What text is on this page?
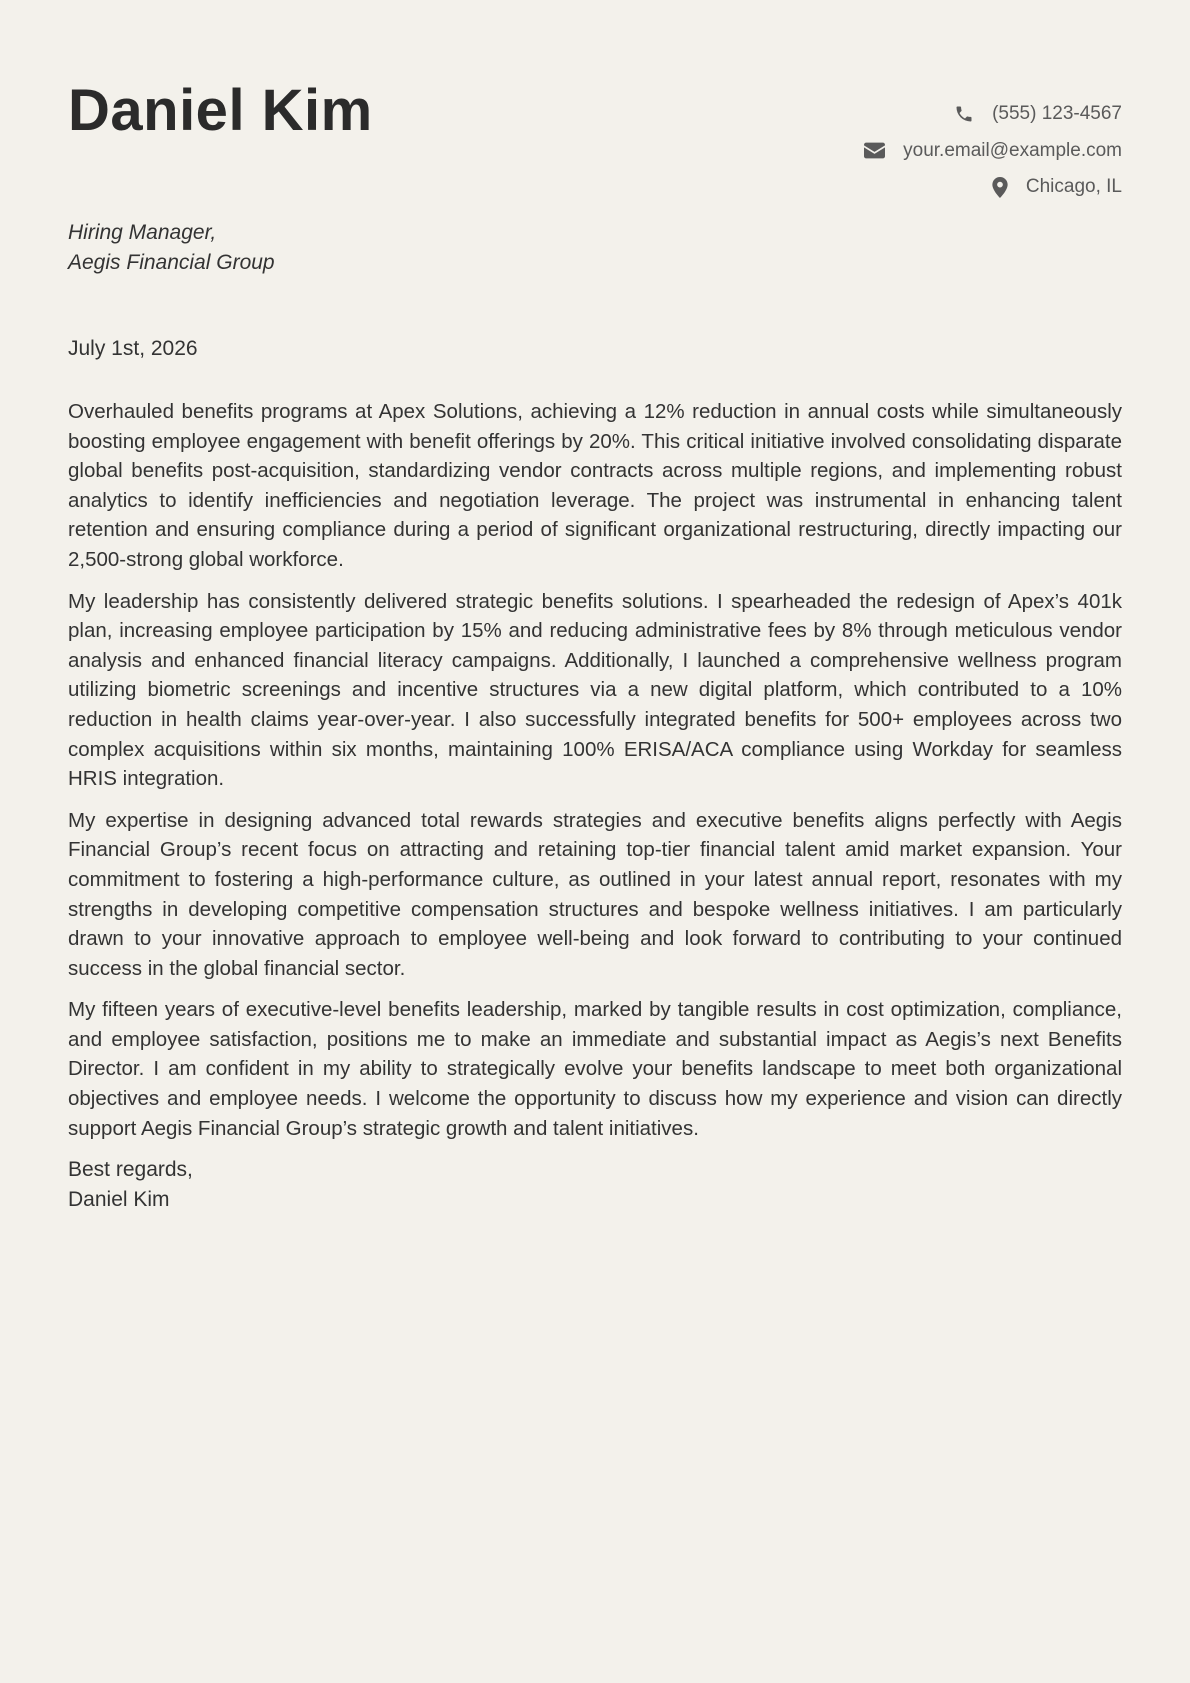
Daniel Kim	(555) 123-4567
your.email@example.com
Chicago, IL
Hiring Manager,
Aegis Financial Group
July 1st, 2026

Overhauled benefits programs at Apex Solutions, achieving a 12% reduction in annual costs while simultaneously boosting employee engagement with benefit offerings by 20%. This critical initiative involved consolidating disparate global benefits post-acquisition, standardizing vendor contracts across multiple regions, and implementing robust analytics to identify inefficiencies and negotiation leverage. The project was instrumental in enhancing talent retention and ensuring compliance during a period of significant organizational restructuring, directly impacting our 2,500-strong global workforce.

My leadership has consistently delivered strategic benefits solutions. I spearheaded the redesign of Apex’s 401k plan, increasing employee participation by 15% and reducing administrative fees by 8% through meticulous vendor analysis and enhanced financial literacy campaigns. Additionally, I launched a comprehensive wellness program utilizing biometric screenings and incentive structures via a new digital platform, which contributed to a 10% reduction in health claims year-over-year. I also successfully integrated benefits for 500+ employees across two complex acquisitions within six months, maintaining 100% ERISA/ACA compliance using Workday for seamless HRIS integration.

My expertise in designing advanced total rewards strategies and executive benefits aligns perfectly with Aegis Financial Group’s recent focus on attracting and retaining top-tier financial talent amid market expansion. Your commitment to fostering a high-performance culture, as outlined in your latest annual report, resonates with my strengths in developing competitive compensation structures and bespoke wellness initiatives. I am particularly drawn to your innovative approach to employee well-being and look forward to contributing to your continued success in the global financial sector.

My fifteen years of executive-level benefits leadership, marked by tangible results in cost optimization, compliance, and employee satisfaction, positions me to make an immediate and substantial impact as Aegis’s next Benefits Director. I am confident in my ability to strategically evolve your benefits landscape to meet both organizational objectives and employee needs. I welcome the opportunity to discuss how my experience and vision can directly support Aegis Financial Group’s strategic growth and talent initiatives.

Best regards,
Daniel Kim
